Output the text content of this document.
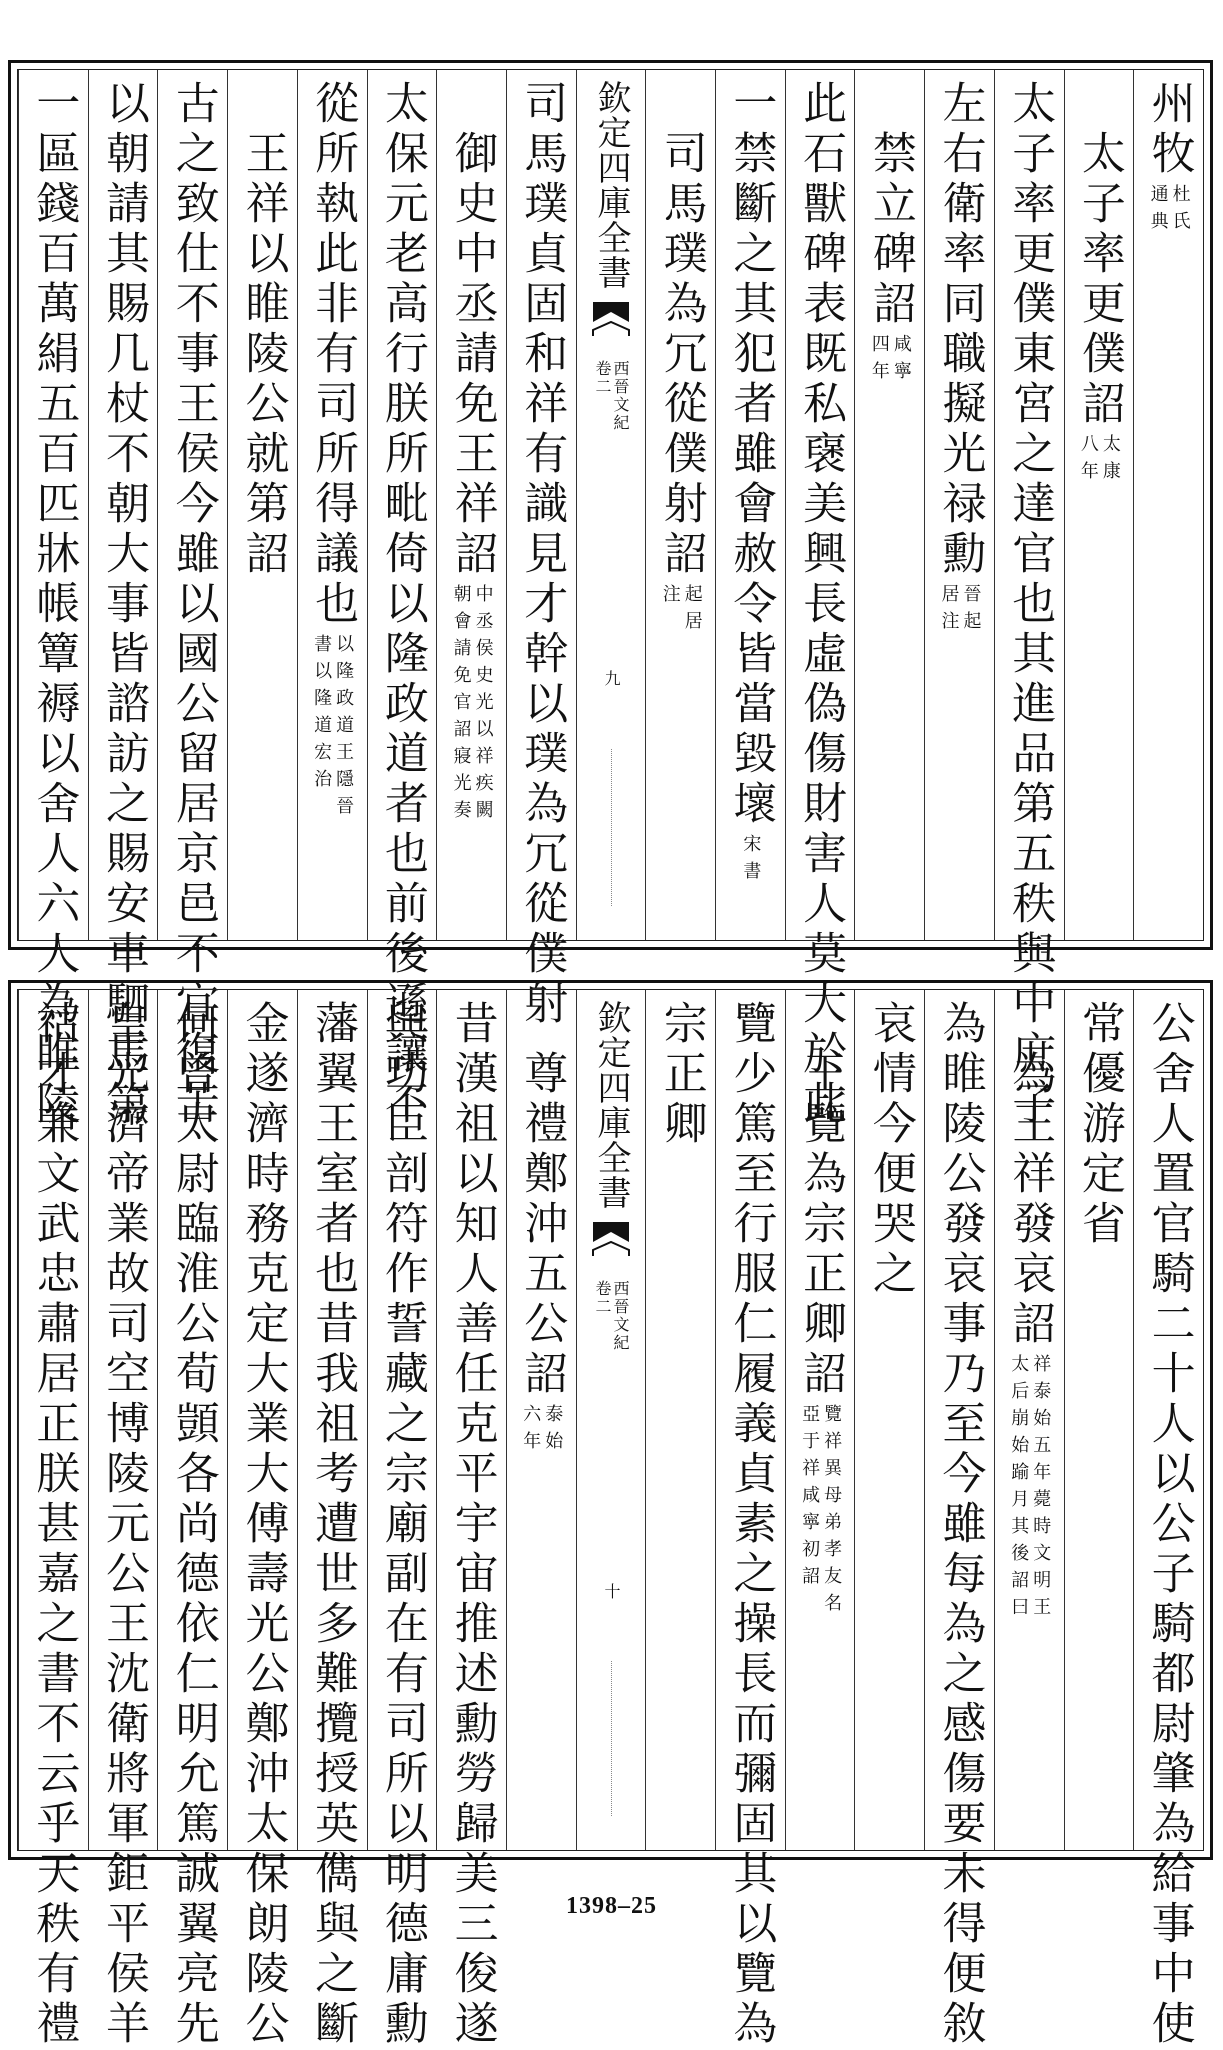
州牧
杜氏
通典
太子率更僕詔
太康
八年
太子率更僕東宮之達官也其進品第五秩與中庶子
左右衛率同職擬光禄勳
晉起
居注
禁立碑詔
咸寧
四年
此石獸碑表既私襃美興長虛偽傷財害人莫大於此
一禁斷之其犯者雖會赦令皆當毀壞
宋書
司馬璞為冗從僕射詔
起居
注
欽定四庫全書
西晉文紀
卷二
九
司馬璞貞固和祥有識見才幹以璞為冗從僕射
御史中丞請免王祥詔
中丞侯史光以祥疾闕
朝會請免官詔寢光奏
太保元老高行朕所毗倚以隆政道者也前後遜讓不
從所執此非有司所得議也
以隆政道王隱晉
書以隆道宏治
王祥以睢陵公就第詔
古之致仕不事王侯今雖以國公留居京邑不宜復苦
以朝請其賜几杖不朝大事皆諮訪之賜安車駟馬第
一區錢百萬絹五百匹牀帳簟褥以舍人六人為睢陵
公舍人置官騎二十人以公子騎都尉肇為給事中使
常優游定省
為王祥發哀詔
祥泰始五年薨時文明王
太后崩始踰月其後詔曰
為睢陵公發哀事乃至今雖每為之感傷要未得便敘
哀情今便哭之
王覽為宗正卿詔
覽祥異母弟孝友名
亞于祥咸寧初詔
覽少篤至行服仁履義貞素之操長而彌固其以覽為
宗正卿
欽定四庫全書
西晉文紀
卷二
十
尊禮鄭沖五公詔
泰始
六年
昔漢祖以知人善任克平宇宙推述勳勞歸美三俊遂
與功臣剖符作誓藏之宗廟副在有司所以明德庸勳
藩翼王室者也昔我祖考遭世多難攬授英儁與之斷
金遂濟時務克定大業大傅壽光公鄭沖太保朗陵公
何曾太尉臨淮公荀顗各尚德依仁明允篤誠翼亮先
皇光濟帝業故司空博陵元公王沈衛將軍鉅平侯羊
祜才兼文武忠肅居正朕甚嘉之書不云乎天秩有禮	1398–25
